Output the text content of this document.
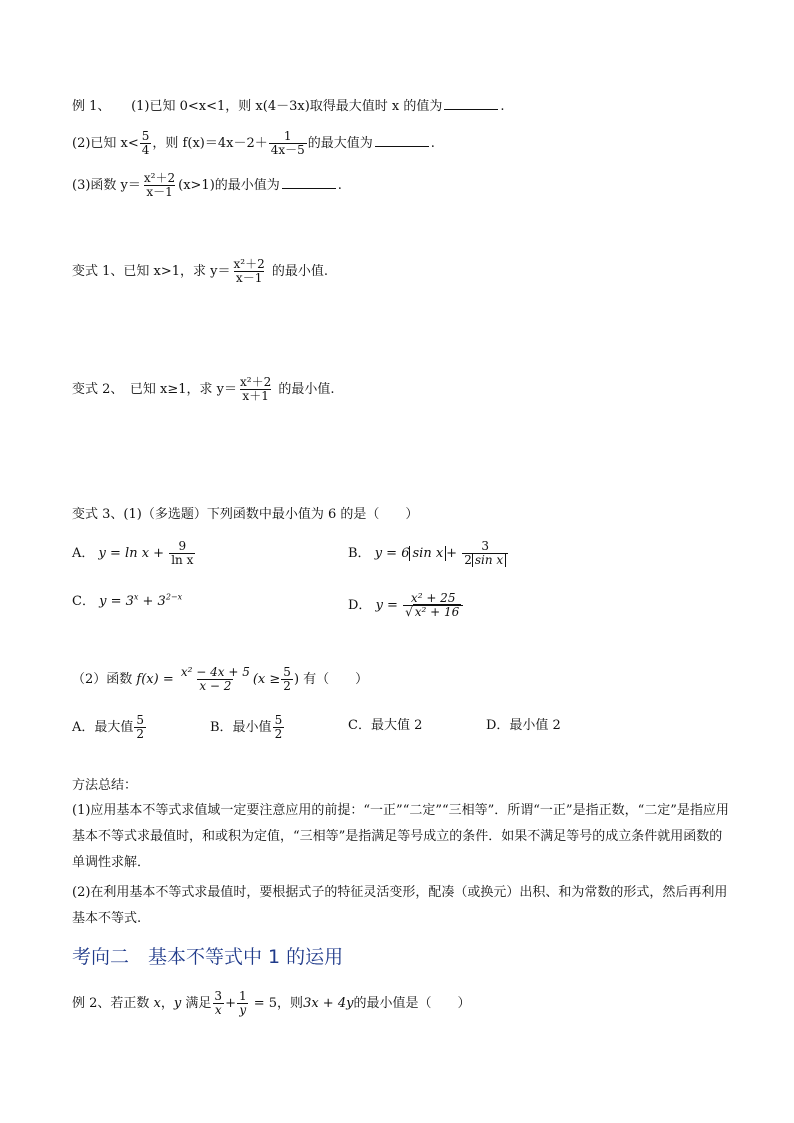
例 1、 (1)已知 0<x<1，则 x(4－3x)取得最大值时 x 的值为	.
(2)已知 $x< \frac{5}{4}$ ，则 $f(x)=4x-2+ \frac{1}{4x-5}$ 的最大值为	.
(3)函数 $y= \frac{\text{x²＋2}}{x-1} (x>1)$的最小值为	.
变式 1、已知 x>1，求 $y= \frac{\text{x²＋2}}{x-1}$ 的最小值.
变式 2、　已知 x≥1，求 $y= \frac{\text{x²＋2}}{x+1}$ 的最小值.
变式 3、(1)（多选题）下列函数中最小值为 6 的是（　　）
A． $y = \ln x + \frac{9}{\text{ln x}}$	B． y = 6 $\sin x + \frac{3}{\text{2 sin x}}$
C． $y = 3^x + 3^{2-x}$
D． $y = \frac{\text{x² + 25}}{\text{√ x² + 16}}$
（2）函数 $f(x) = \frac{\text{x² − 4x + 5}}{x - 2} (x \ge \frac{5}{2}$ ) 有（　　）
A．最大值 $\frac{5}{2}$	B．最小值 $\frac{5}{2}$	C．最大值 2	D．最小值 2
方法总结：
(1)应用基本不等式求值域一定要注意应用的前提：“一正”“二定”“三相等”．所谓“一正”是指正数，“二定”是指应用基本不等式求最值时，和或积为定值，“三相等”是指满足等号成立的条件．如果不满足等号的成立条件就用函数的单调性求解．
(2)在利用基本不等式求最值时，要根据式子的特征灵活变形，配凑（或换元）出积、和为常数的形式，然后再利用基本不等式.
考向二　基本不等式中 1 的运用
例 2、若正数 x，y 满足 $\frac{3}{x} + \frac{1}{y} = 5$，则3x + 4y的最小值是（　　）
